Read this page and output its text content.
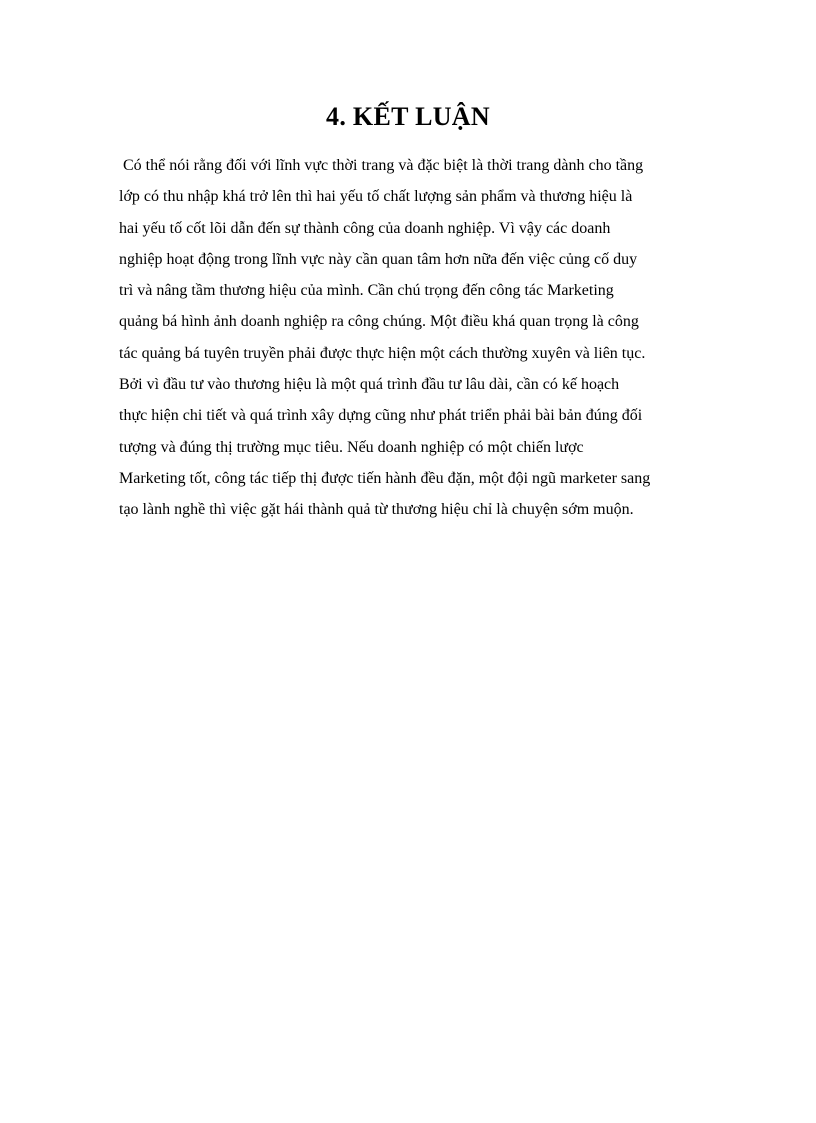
4. KẾT LUẬN
Có thể nói rằng đối với lĩnh vực thời trang và đặc biệt là thời trang dành cho tầng
lớp có thu nhập khá trở lên thì hai yếu tố chất lượng sản phẩm và thương hiệu là
hai yếu tố cốt lõi dẫn đến sự thành công của doanh nghiệp. Vì vậy các doanh
nghiệp hoạt động trong lĩnh vực này cần quan tâm hơn nữa đến việc củng cố duy
trì và nâng tầm thương hiệu của mình. Cần chú trọng đến công tác Marketing
quảng bá hình ảnh doanh nghiệp ra công chúng. Một điều khá quan trọng là công
tác quảng bá tuyên truyền phải được thực hiện một cách thường xuyên và liên tục.
Bởi vì đầu tư vào thương hiệu là một quá trình đầu tư lâu dài, cần có kế hoạch
thực hiện chi tiết và quá trình xây dựng cũng như phát triển phải bài bản đúng đối
tượng và đúng thị trường mục tiêu. Nếu doanh nghiệp có một chiến lược
Marketing tốt, công tác tiếp thị được tiến hành đều đặn, một đội ngũ marketer sang
tạo lành nghề thì việc gặt hái thành quả từ thương hiệu chỉ là chuyện sớm muộn.
